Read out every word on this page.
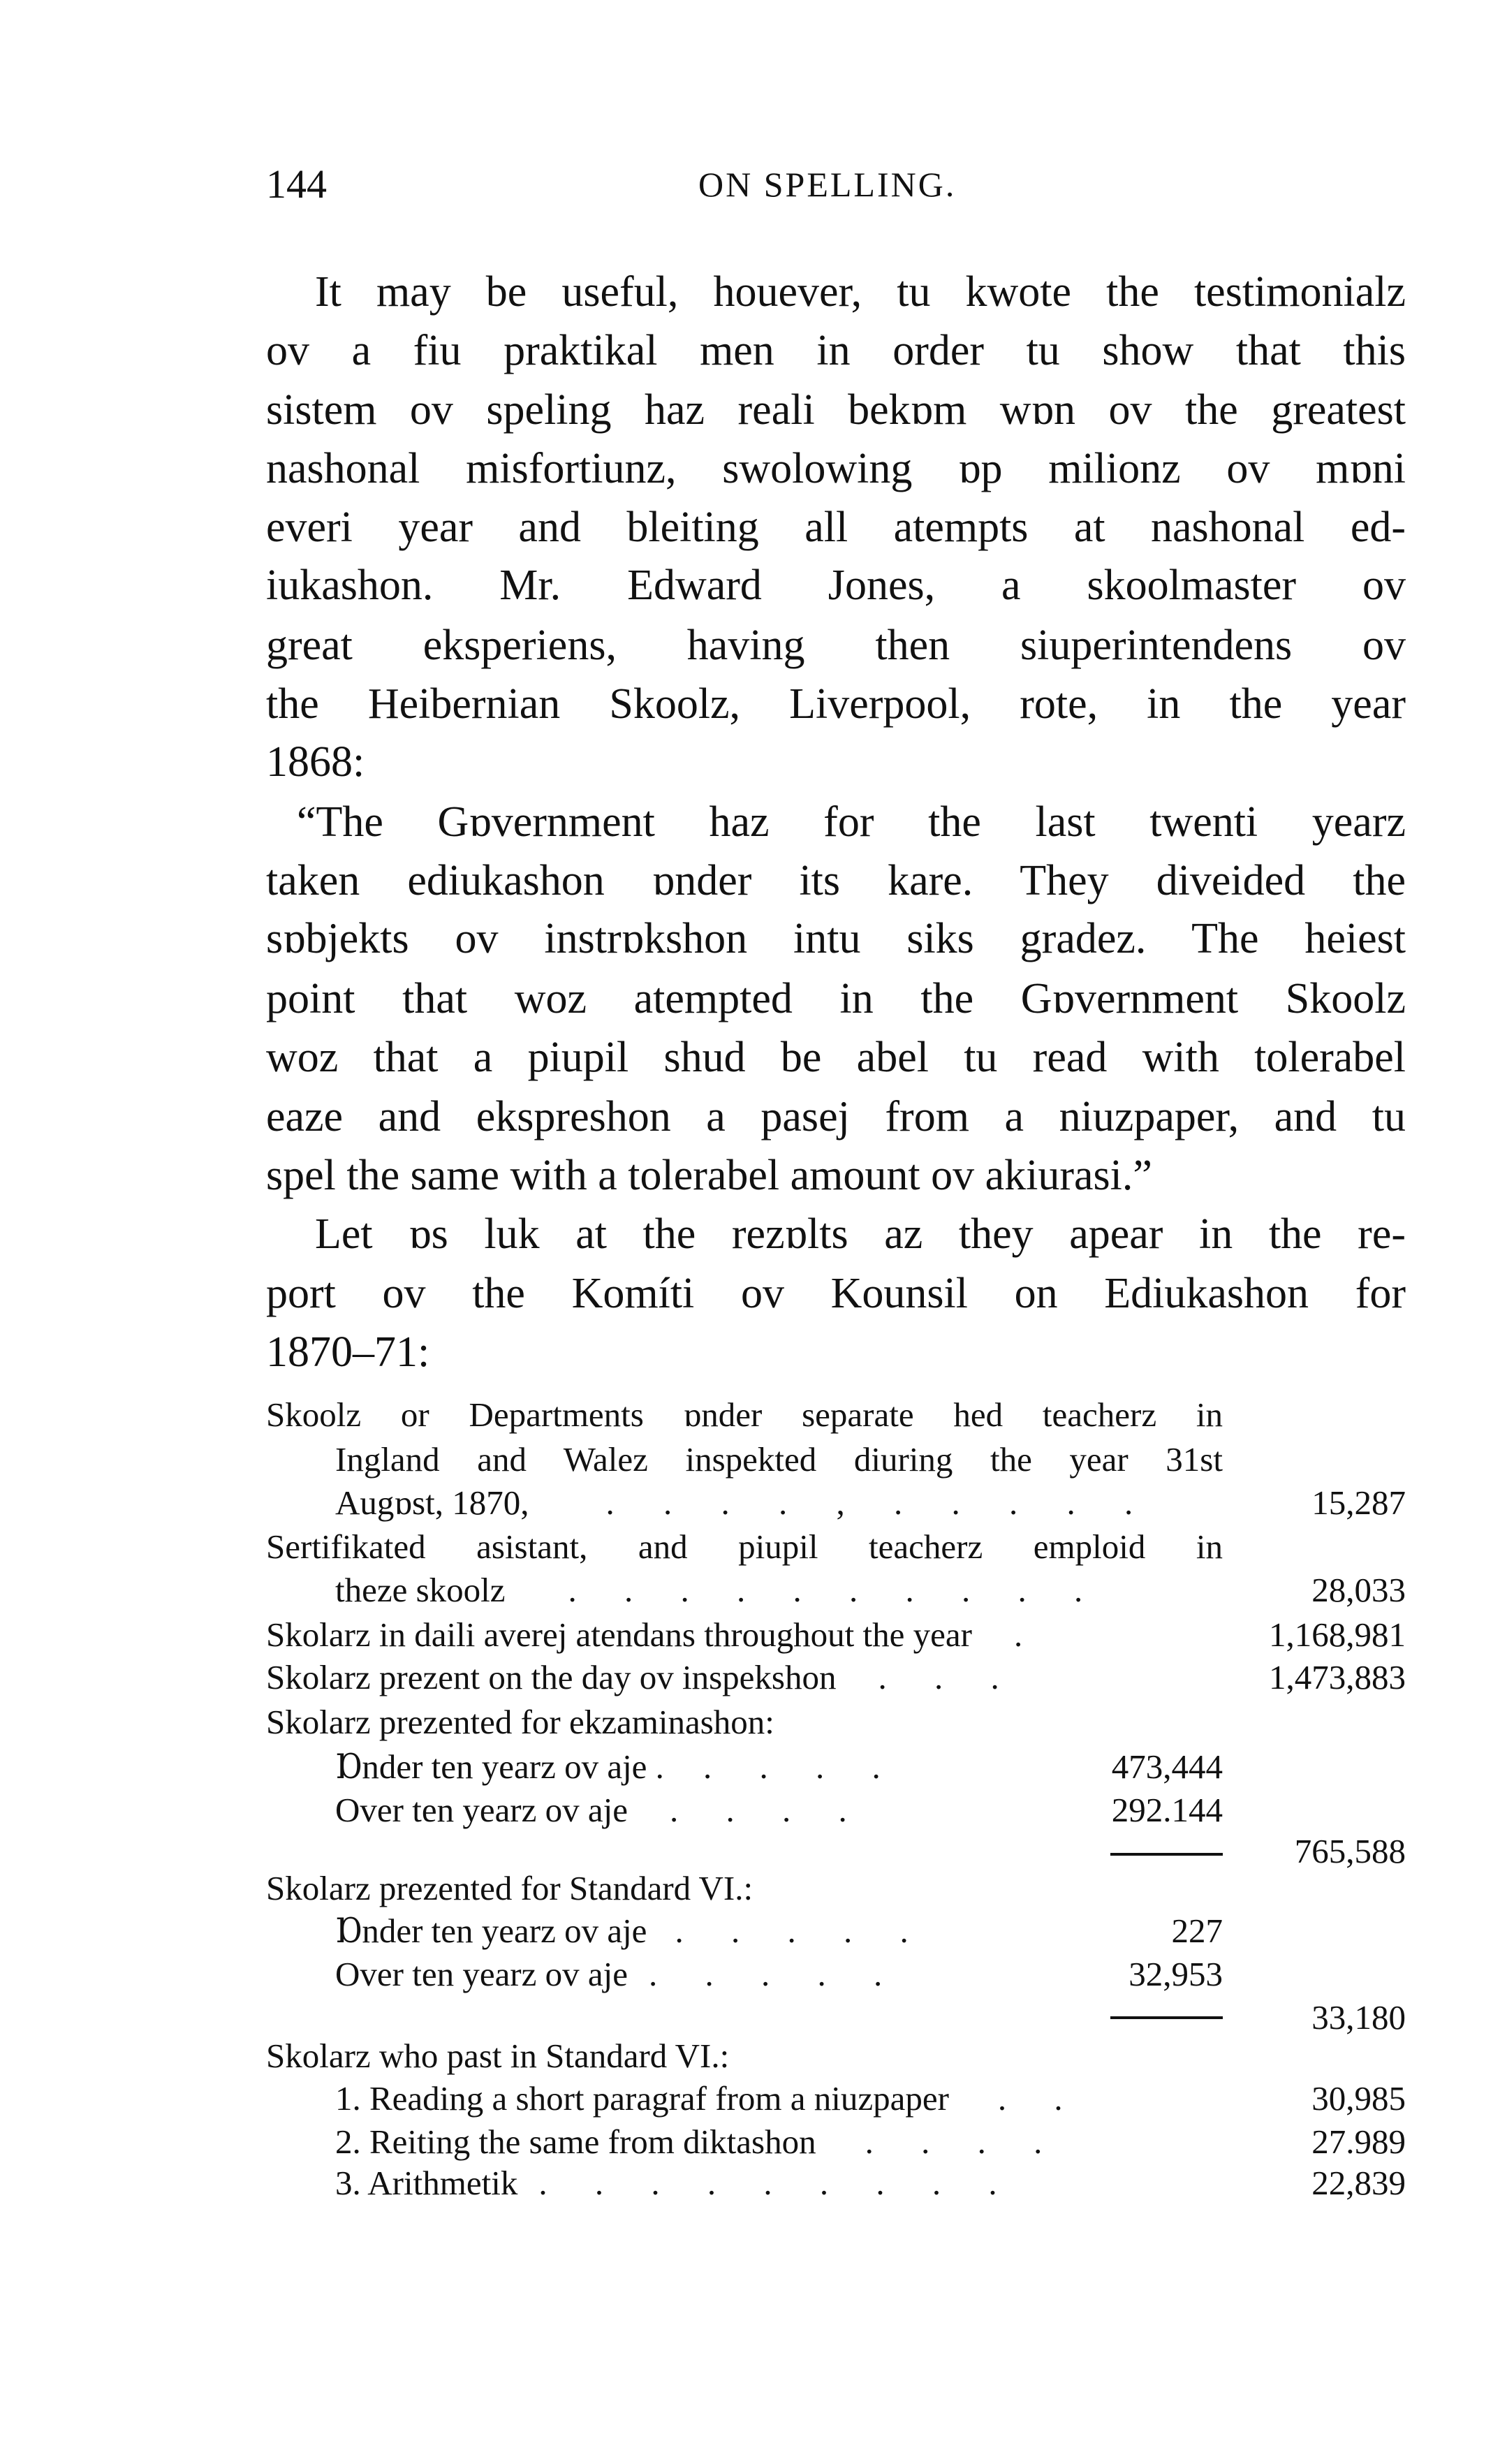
144	ON SPELLING.
It may be useful, houever, tu kwote the testimonialz
ov a fiu praktikal men in order tu show that this
sistem ov speling haz reali bekɒm wɒn ov the greatest
nashonal misfortiunz, swolowing ɒp milionz ov mɒni
everi year and bleiting all atempts at nashonal ed-
iukashon. Mr. Edward Jones, a skoolmaster ov
great eksperiens, having then siuperintendens ov
the Heibernian Skoolz, Liverpool, rote, in the year
1868:
“The Gɒvernment haz for the last twenti yearz
taken ediukashon ɒnder its kare. They diveided the
sɒbjekts ov instrɒkshon intu siks gradez. The heiest
point that woz atempted in the Gɒvernment Skoolz
woz that a piupil shud be abel tu read with tolerabel
eaze and ekspreshon a pasej from a niuzpaper, and tu
spel the same with a tolerabel amount ov akiurasi.”
Let ɒs luk at the rezɒlts az they apear in the re-
port ov the Komíti ov Kounsil on Ediukashon for
1870–71:
Skoolz or Departments ɒnder separate hed teacherz in
Ingland and Walez inspekted diuring the year 31st
Augɒst, 1870, . . . . , . . . . .	15,287
Sertifikated asistant, and piupil teacherz emploid in
theze skoolz . . . . . . . . . .	28,033
Skolarz in daili averej atendans throughout the year .	1,168,981
Skolarz prezent on the day ov inspekshon . . .	1,473,883
Skolarz prezented for ekzaminashon:
Ɒnder ten yearz ov aje . . . . .	473,444
Over ten yearz ov aje . . . .	292.144
765,588
Skolarz prezented for Standard VI.:
Ɒnder ten yearz ov aje . . . . .	227
Over ten yearz ov aje . . . . .	32,953
33,180
Skolarz who past in Standard VI.:
1. Reading a short paragraf from a niuzpaper . .	30,985
2. Reiting the same from diktashon . . . .	27.989
3. Arithmetik . . . . . . . . .	22,839
